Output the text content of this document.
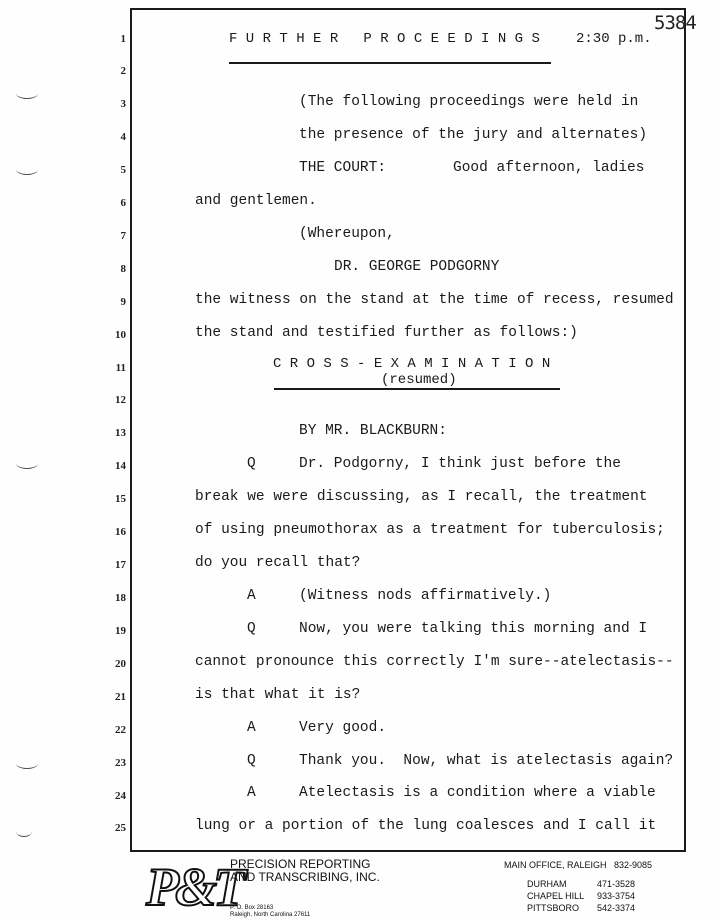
5384
1
2
3
4
5
6
7
8
9
10
11
12
13
14
15
16
17
18
19
20
21
22
23
24
25
F U R T H E R   P R O C E E D I N G S	2:30 p.m.
(The following proceedings were held in
the presence of the jury and alternates)
THE COURT:	Good afternoon, ladies
and gentlemen.
(Whereupon,
DR. GEORGE PODGORNY
the witness on the stand at the time of recess, resumed
the stand and testified further as follows:)
C R O S S - E X A M I N A T I O N
(resumed)
BY MR. BLACKBURN:
Q	Dr. Podgorny, I think just before the
break we were discussing, as I recall, the treatment
of using pneumothorax as a treatment for tuberculosis;
do you recall that?
A	(Witness nods affirmatively.)
Q	Now, you were talking this morning and I
cannot pronounce this correctly I'm sure--atelectasis--
is that what it is?
A	Very good.
Q	Thank you.  Now, what is atelectasis again?
A	Atelectasis is a condition where a viable
lung or a portion of the lung coalesces and I call it
P&T
PRECISION REPORTING
AND TRANSCRIBING, INC.
P. O. Box 28163
Raleigh, North Carolina 27611
MAIN OFFICE, RALEIGH   832-9085
DURHAM	471-3528
CHAPEL HILL 933-3754
PITTSBORO 542-3374
